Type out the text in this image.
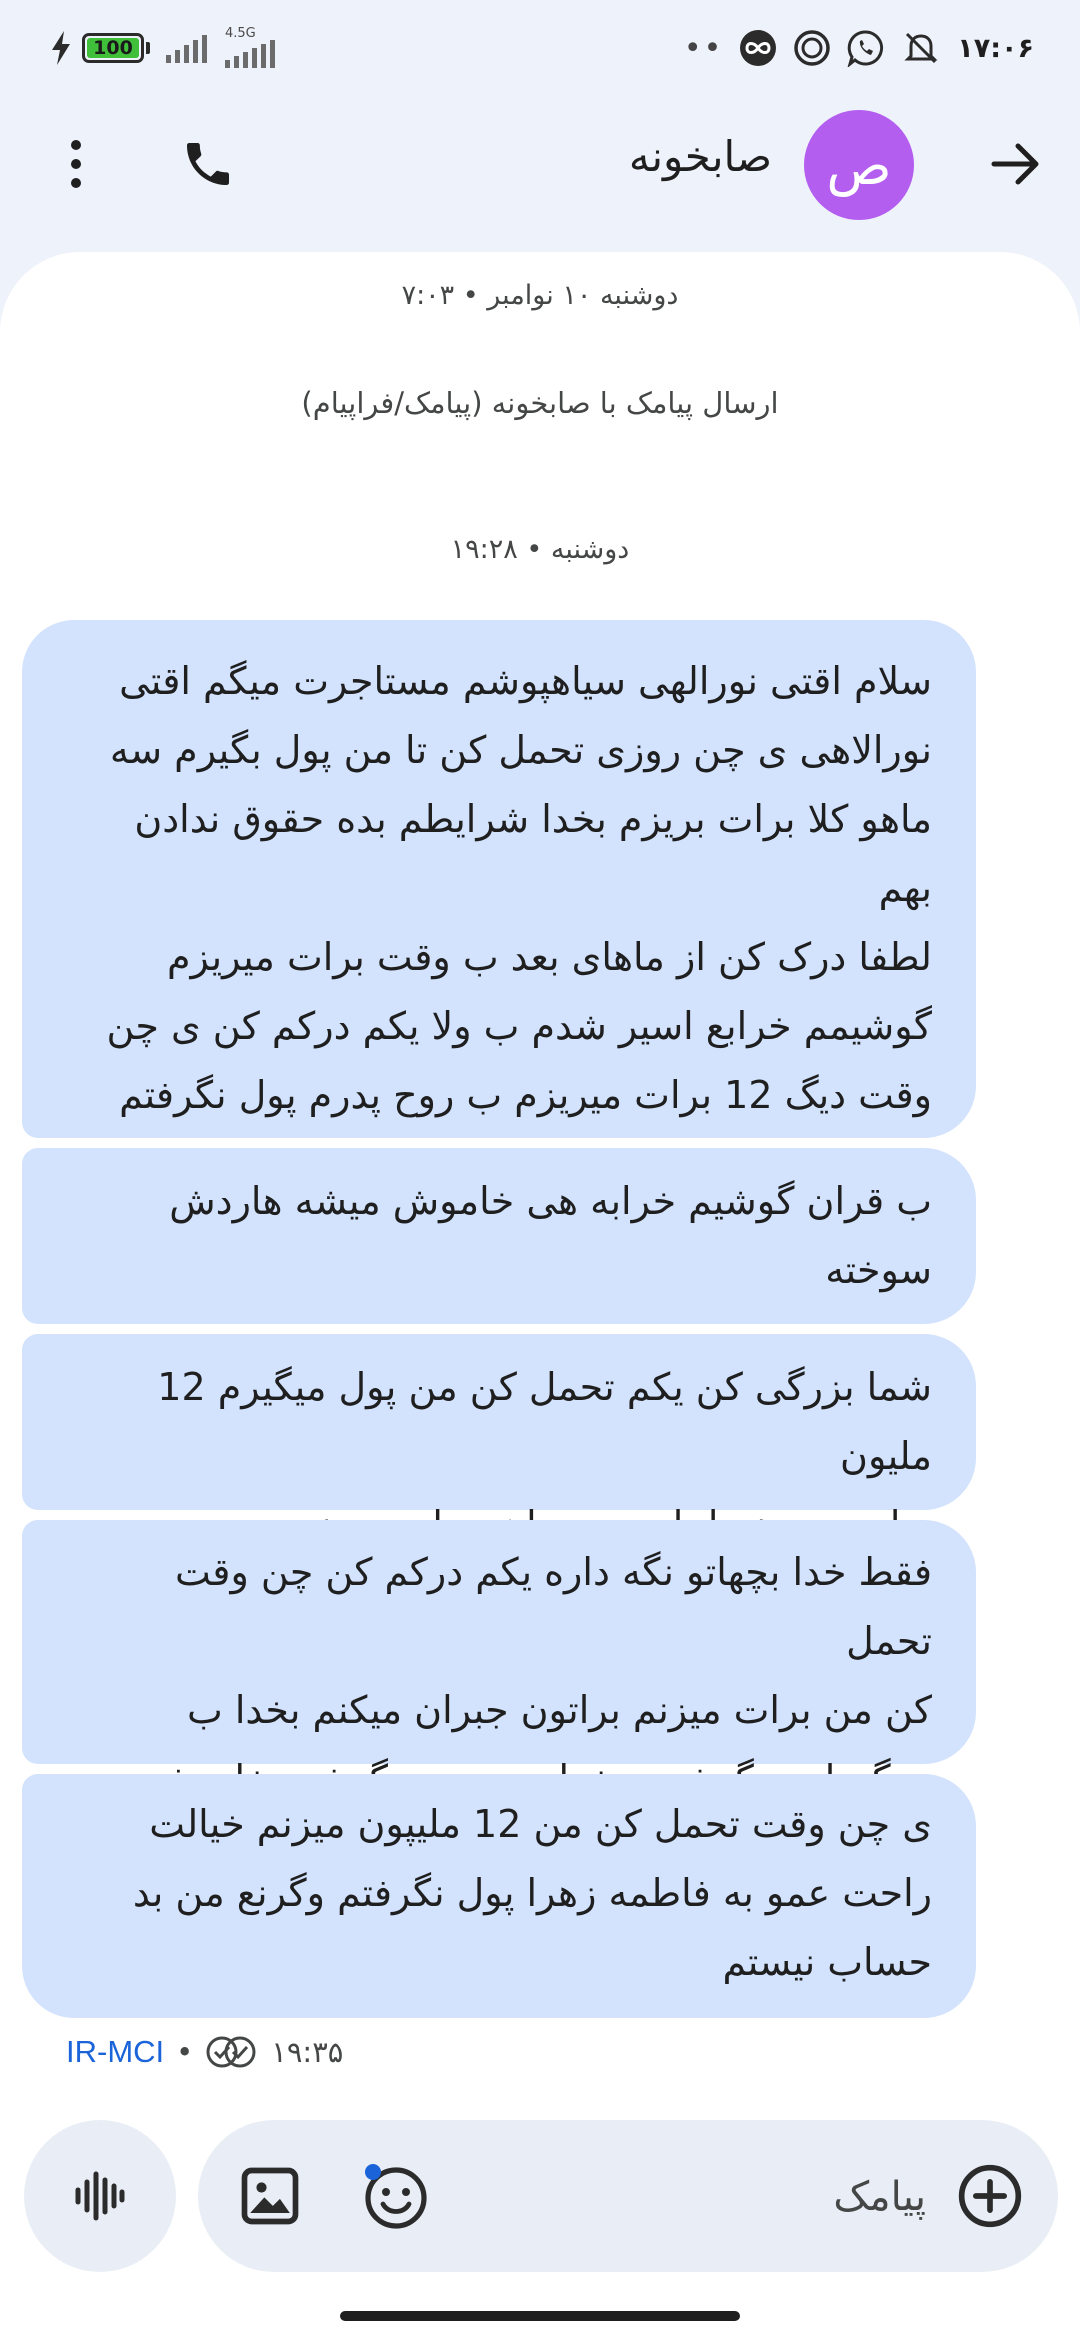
100
4.5G	••	۱۷:۰۶
ص
صابخونه
دوشنبه ۱۰ نوامبر • ۷:۰۳
ارسال پیامک با صابخونه (پیامک/فراپیام)
دوشنبه • ۱۹:۲۸
سلام اقتی نورالهی سیاهپوشم مستاجرت میگم اقتی
نورالاهی ی چن روزی تحمل کن تا من پول بگیرم سه
ماهو کلا برات بریزم بخدا شرایطم بده حقوق ندادن بهم
لطفا درک کن از ماهای بعد ب وقت برات میریزم
گوشیمم خرابع اسیر شدم ب ولا یکم درکم کن ی چن
وقت دیگ 12 برات میریزم ب روح پدرم پول نگرفتم
ب قران گوشیم خرابه هی خاموش میشه هاردش
سوخته
شما بزرگی کن یکم تحمل کن من پول میگیرم 12 ملیون
فقط خدا بچهاتو نگه داره یکم درکم کن چن وقت تحمل
کن من برات میزنم براتون جبران میکنم بخدا ب
ی چن وقت تحمل کن من 12 ملیپون میزنم خیالت
راحت عمو به فاطمه زهرا پول نگرفتم وگرنع من بد
حساب نیستم
IR-MCI •	۱۹:۳۵
پیامک
